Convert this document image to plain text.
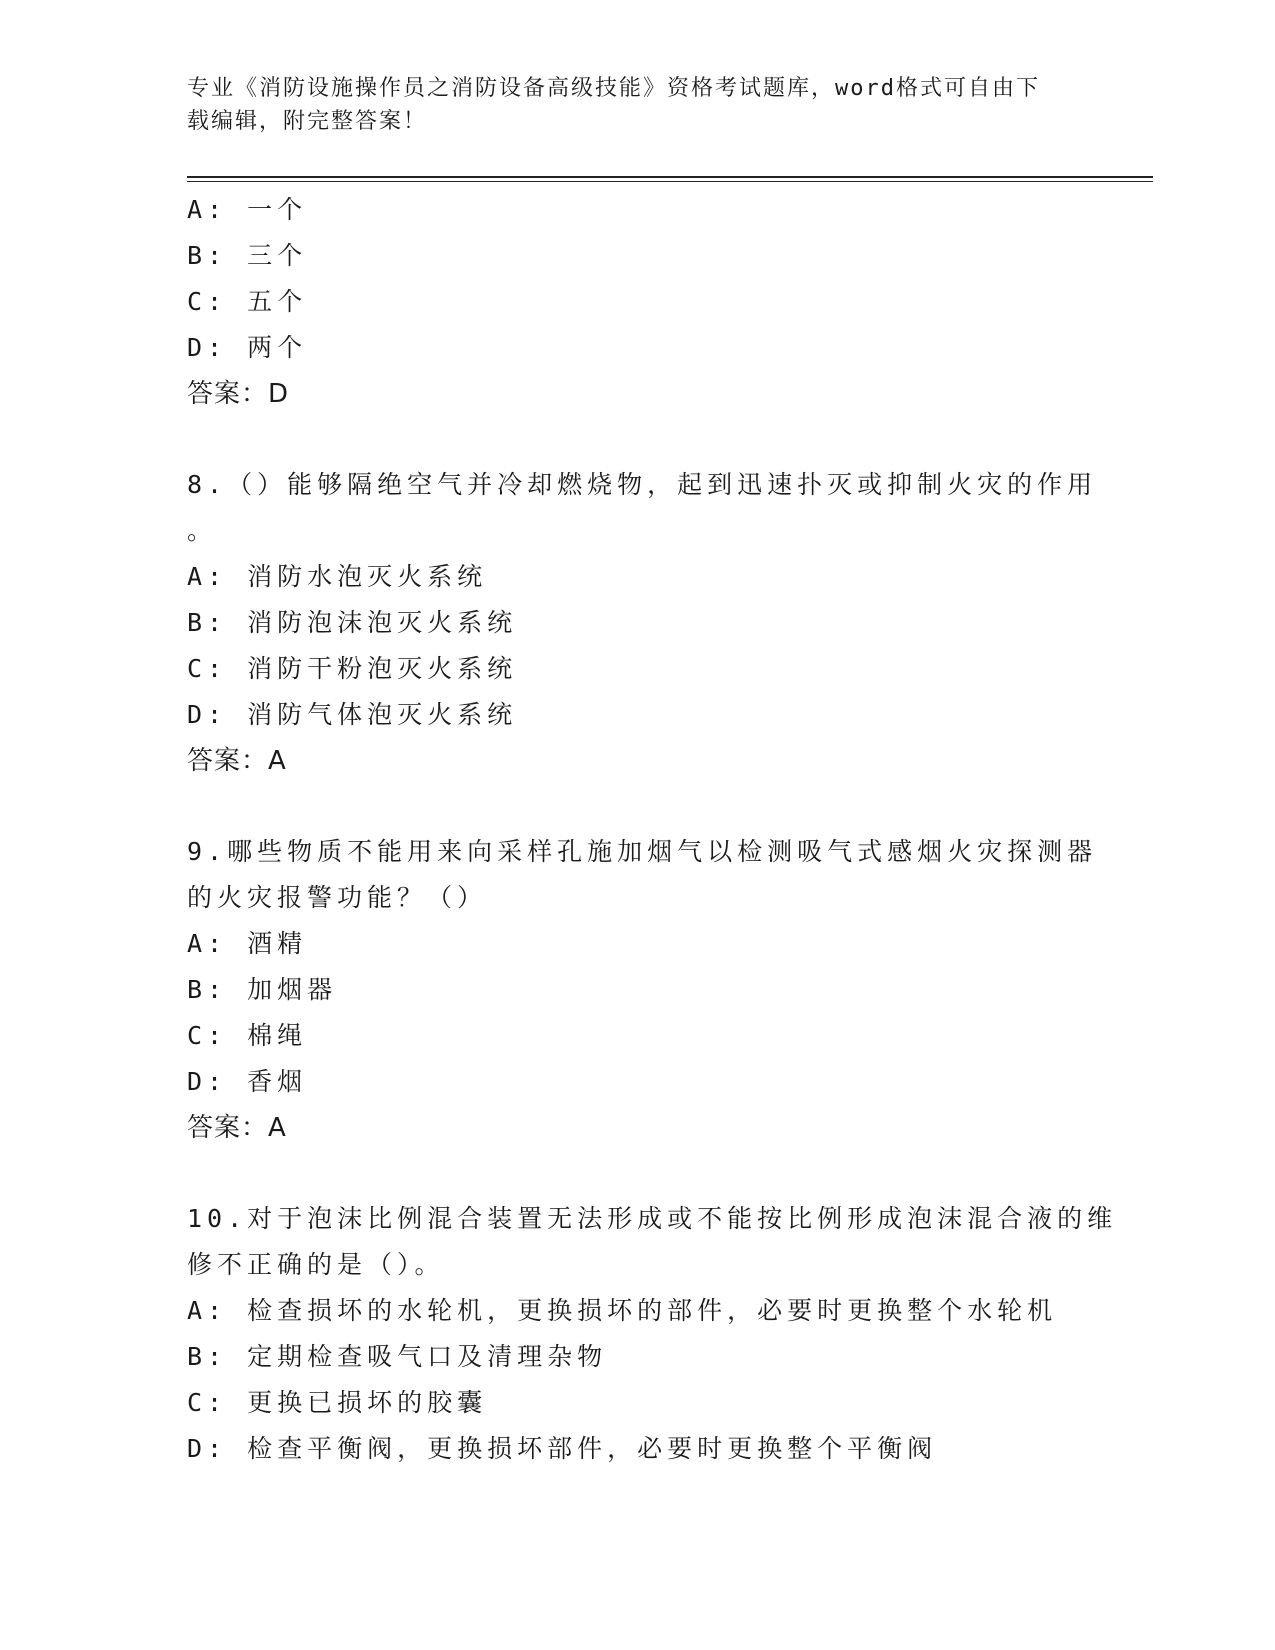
专业《消防设施操作员之消防设备高级技能》资格考试题库，word格式可自由下
载编辑，附完整答案！
A: 一个
B: 三个
C: 五个
D: 两个
答案：D
8.（）能够隔绝空气并冷却燃烧物，起到迅速扑灭或抑制火灾的作用
。
A: 消防水泡灭火系统
B: 消防泡沫泡灭火系统
C: 消防干粉泡灭火系统
D: 消防气体泡灭火系统
答案：A
9.哪些物质不能用来向采样孔施加烟气以检测吸气式感烟火灾探测器
的火灾报警功能？（）
A: 酒精
B: 加烟器
C: 棉绳
D: 香烟
答案：A
10.对于泡沫比例混合装置无法形成或不能按比例形成泡沫混合液的维
修不正确的是（）。
A: 检查损坏的水轮机，更换损坏的部件，必要时更换整个水轮机
B: 定期检查吸气口及清理杂物
C: 更换已损坏的胶囊
D: 检查平衡阀，更换损坏部件，必要时更换整个平衡阀
